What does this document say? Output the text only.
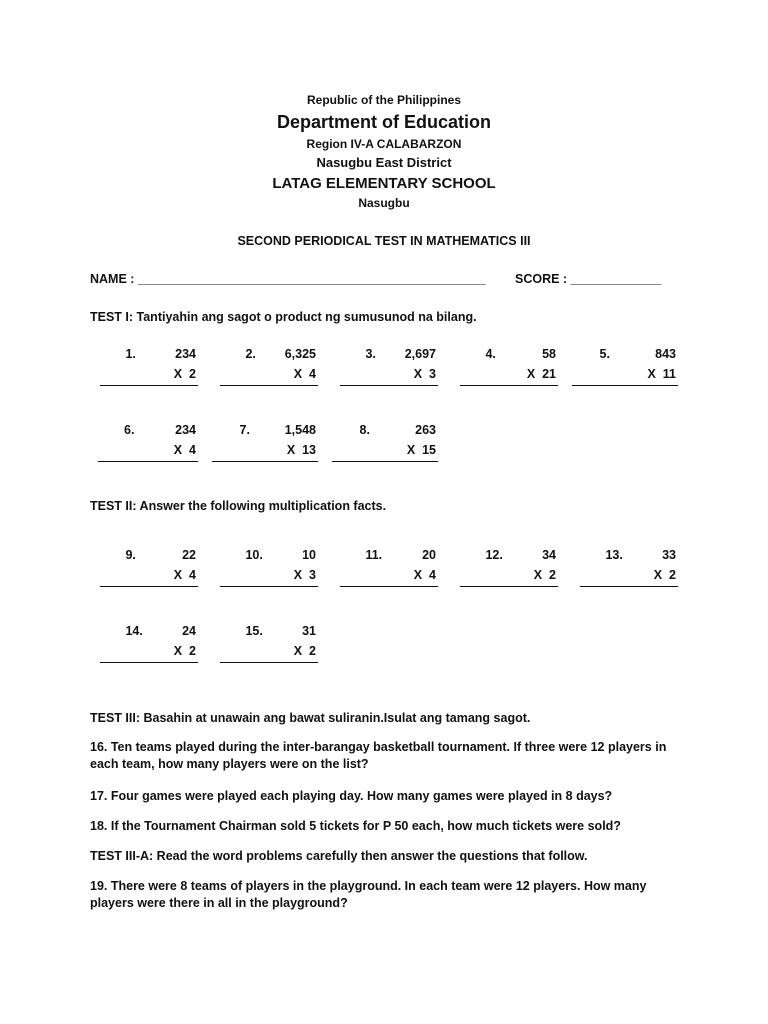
Republic of the Philippines
Department of Education
Region IV-A CALABARZON
Nasugbu East District
LATAG ELEMENTARY SCHOOL
Nasugbu
SECOND PERIODICAL TEST IN MATHEMATICS III
NAME : __________________________________________________ SCORE : _____________
TEST I: Tantiyahin ang sagot o product ng sumusunod na bilang.
1.	234
X  2
2. 6,325
X  4
3. 2,697
X  3
4.	58
X  21
5.	843
X  11
6.	234
X  4
7.	1,548
X  13
8.	263
X  15
TEST II: Answer the following multiplication facts.
9.	22
X  4
10.	10
X  3
11.	20
X  4
12.	34
X  2
13.	33
X  2
14.	24
X  2
15.	31
X  2
TEST III: Basahin at unawain ang bawat suliranin.Isulat ang tamang sagot.
16. Ten teams played during the inter-barangay basketball tournament. If three were 12 players in each team, how many players were on the list?
17. Four games were played each playing day. How many games were played in 8 days?
18. If the Tournament Chairman sold 5 tickets for P 50 each, how much tickets were sold?
TEST III-A: Read the word problems carefully then answer the questions that follow.
19. There were 8 teams of players in the playground. In each team were 12 players. How many players were there in all in the playground?
